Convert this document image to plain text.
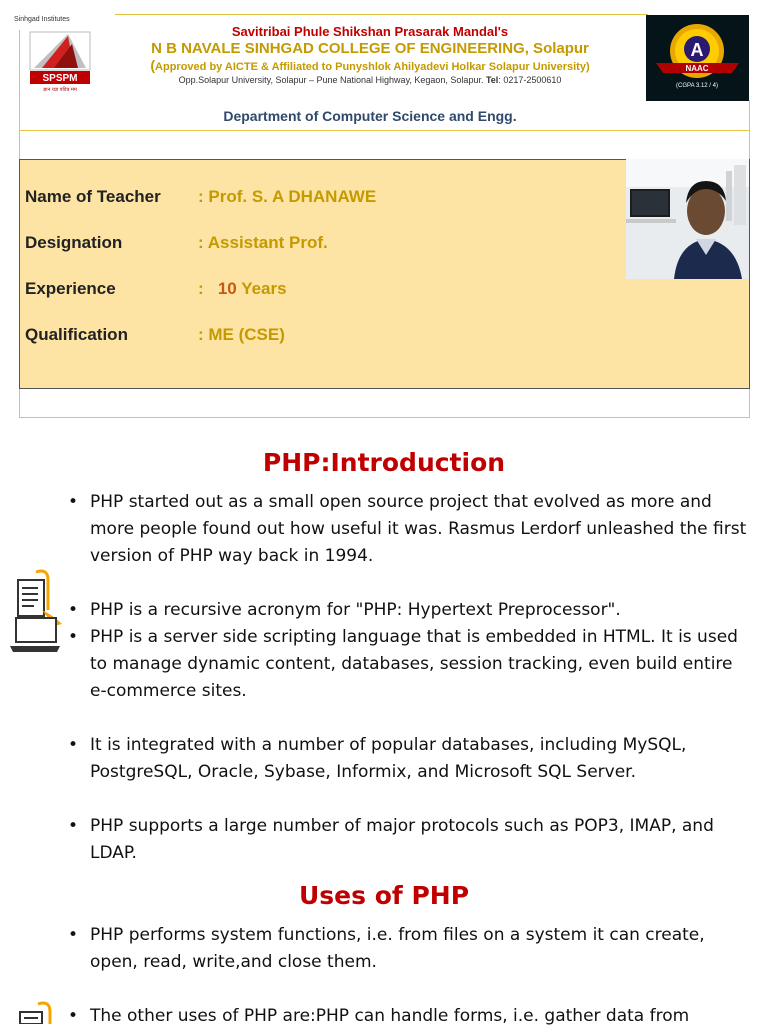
Sinhgad Institutes
SPSPM
ज्ञान यज्ञ पवित्र मम
Savitribai Phule Shikshan Prasarak Mandal's
N B NAVALE SINHGAD COLLEGE OF ENGINEERING, Solapur
(Approved by AICTE & Affiliated to Punyshlok Ahilyadevi Holkar Solapur University)
Opp.Solapur University, Solapur – Pune National Highway, Kegaon, Solapur. Tel: 0217-2500610
Department of Computer Science and Engg.
A
NAAC
(CGPA 3.12 / 4)
Name of Teacher : Prof. S. A DHANAWE
Designation	: Assistant Prof.
Experience	: 10 Years
Qualification	: ME (CSE)
PHP:Introduction
• PHP started out as a small open source project that evolved as more and more people found out how useful it was. Rasmus Lerdorf unleashed the first version of PHP way back in 1994.
• PHP is a recursive acronym for "PHP: Hypertext Preprocessor".
• PHP is a server side scripting language that is embedded in HTML. It is used to manage dynamic content, databases, session tracking, even build entire e-commerce sites.
• It is integrated with a number of popular databases, including MySQL, PostgreSQL, Oracle, Sybase, Informix, and Microsoft SQL Server.
• PHP supports a large number of major protocols such as POP3, IMAP, and LDAP.
Uses of PHP
• PHP performs system functions, i.e. from files on a system it can create, open, read, write,and close them.
• The other uses of PHP are:PHP can handle forms, i.e. gather data from
